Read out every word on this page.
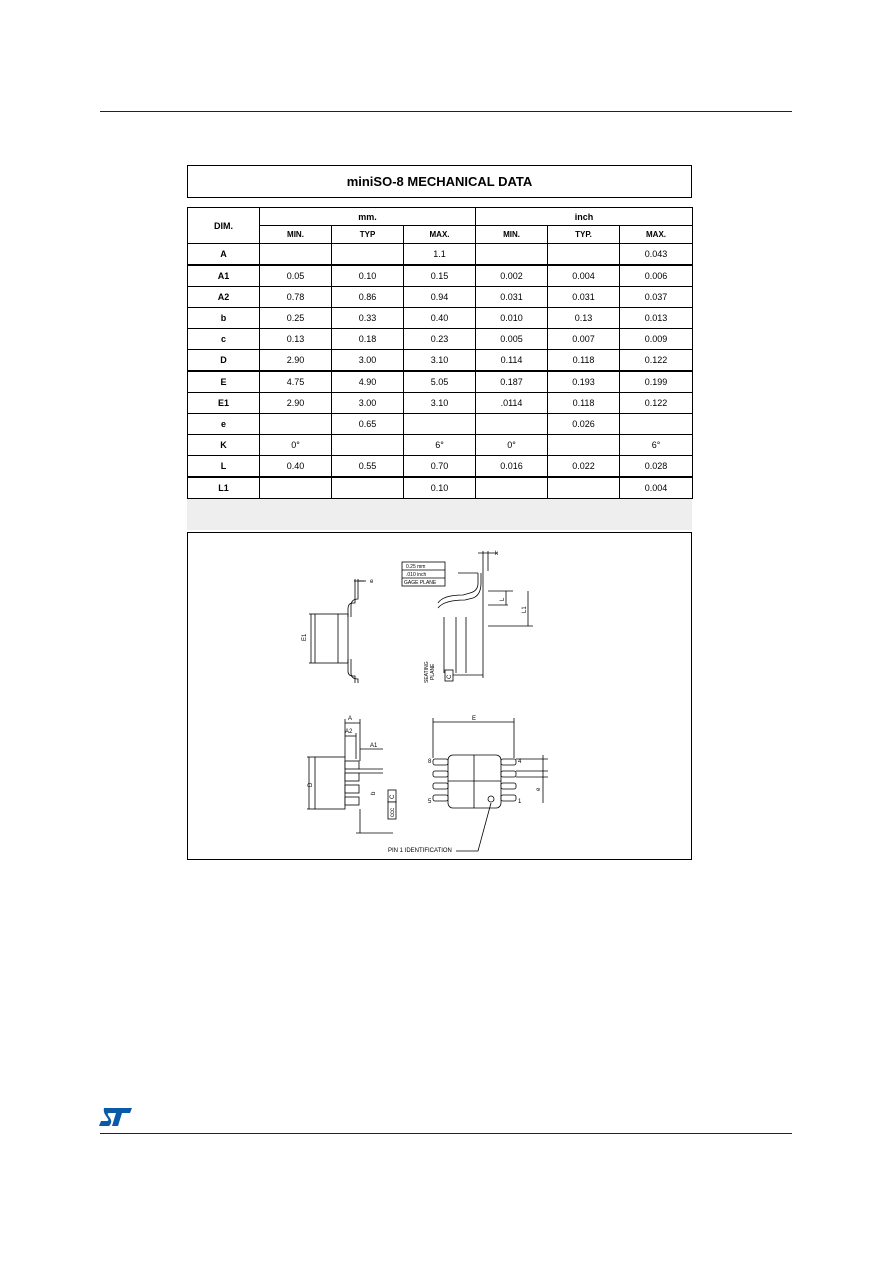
miniSO-8 MECHANICAL DATA
DIM.	mm.			inch		
	MIN.	TYP	MAX.	MIN.	TYP.	MAX.
A			1.1			0.043
A1	0.05	0.10	0.15	0.002	0.004	0.006
A2	0.78	0.86	0.94	0.031	0.031	0.037
b	0.25	0.33	0.40	0.010	0.13	0.013
c	0.13	0.18	0.23	0.005	0.007	0.009
D	2.90	3.00	3.10	0.114	0.118	0.122
E	4.75	4.90	5.05	0.187	0.193	0.199
E1	2.90	3.00	3.10	.0114	0.118	0.122
e		0.65			0.026	
K	0°		6°	0°		6°
L	0.40	0.55	0.70	0.016	0.022	0.028
L1			0.10			0.004
e
E1
k
0.25 mm
.010 inch
GAGE PLANE
L
L1
SEATING PLANE C
A
A2
A1
D
b
C
ccc
E
8	4
5	1
e
PIN 1 IDENTIFICATION
